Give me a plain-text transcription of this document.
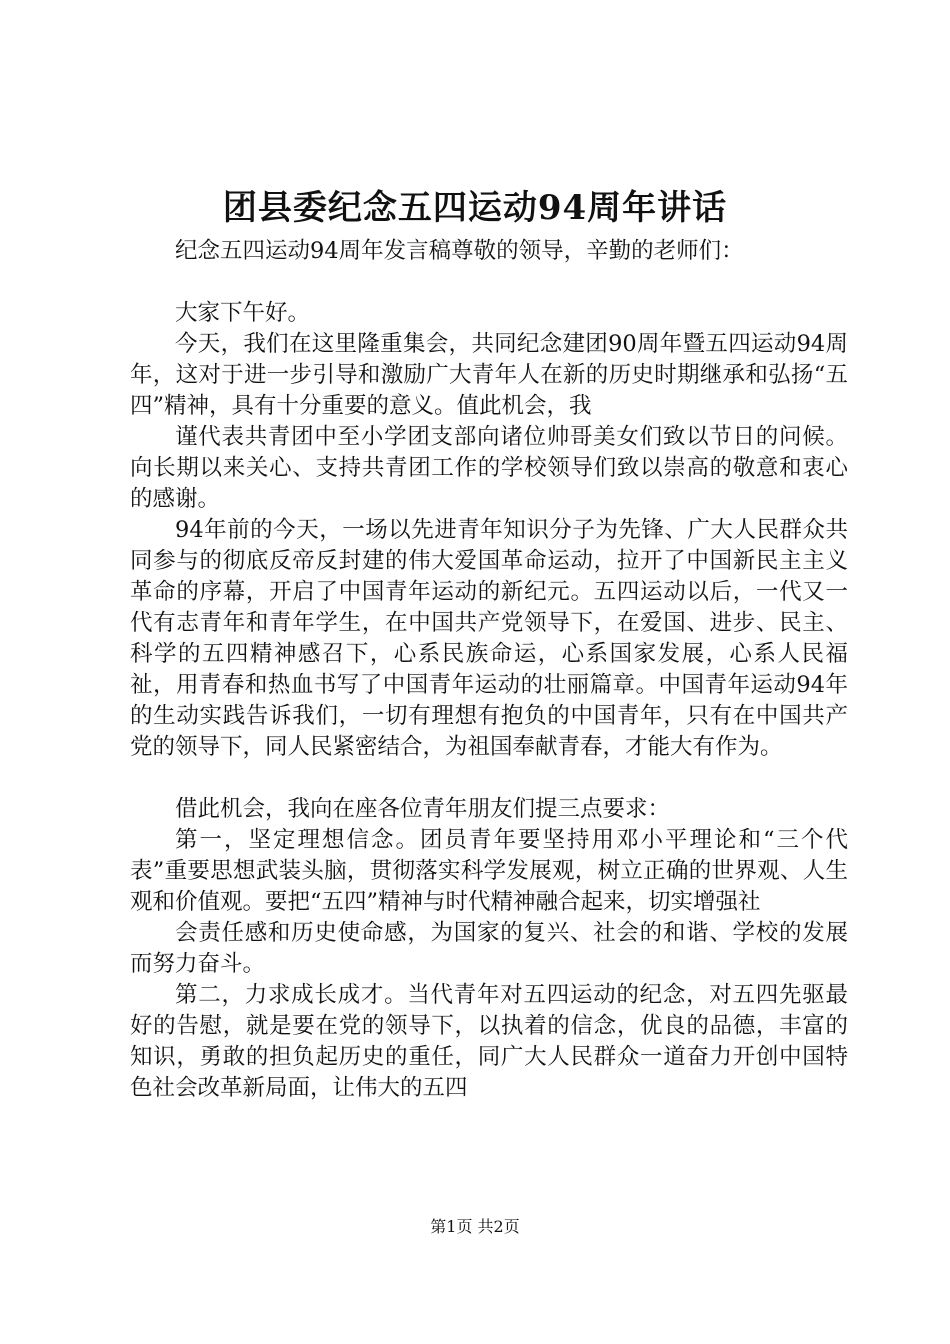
团县委纪念五四运动94周年讲话

纪念五四运动94周年发言稿尊敬的领导，辛勤的老师们：

大家下午好。

今天，我们在这里隆重集会，共同纪念建团90周年暨五四运动94周年，这对于进一步引导和激励广大青年人在新的历史时期继承和弘扬“五四”精神，具有十分重要的意义。值此机会，我

谨代表共青团中至小学团支部向诸位帅哥美女们致以节日的问候。向长期以来关心、支持共青团工作的学校领导们致以崇高的敬意和衷心的感谢。

94年前的今天，一场以先进青年知识分子为先锋、广大人民群众共同参与的彻底反帝反封建的伟大爱国革命运动，拉开了中国新民主主义革命的序幕，开启了中国青年运动的新纪元。五四运动以后，一代又一代有志青年和青年学生，在中国共产党领导下，在爱国、进步、民主、科学的五四精神感召下，心系民族命运，心系国家发展，心系人民福祉，用青春和热血书写了中国青年运动的壮丽篇章。中国青年运动94年的生动实践告诉我们，一切有理想有抱负的中国青年，只有在中国共产党的领导下，同人民紧密结合，为祖国奉献青春，才能大有作为。

借此机会，我向在座各位青年朋友们提三点要求：

第一，坚定理想信念。团员青年要坚持用邓小平理论和“三个代表”重要思想武装头脑，贯彻落实科学发展观，树立正确的世界观、人生观和价值观。要把“五四”精神与时代精神融合起来，切实增强社

会责任感和历史使命感，为国家的复兴、社会的和谐、学校的发展而努力奋斗。

第二，力求成长成才。当代青年对五四运动的纪念，对五四先驱最好的告慰，就是要在党的领导下，以执着的信念，优良的品德，丰富的知识，勇敢的担负起历史的重任，同广大人民群众一道奋力开创中国特色社会改革新局面，让伟大的五四

第1页 共2页
